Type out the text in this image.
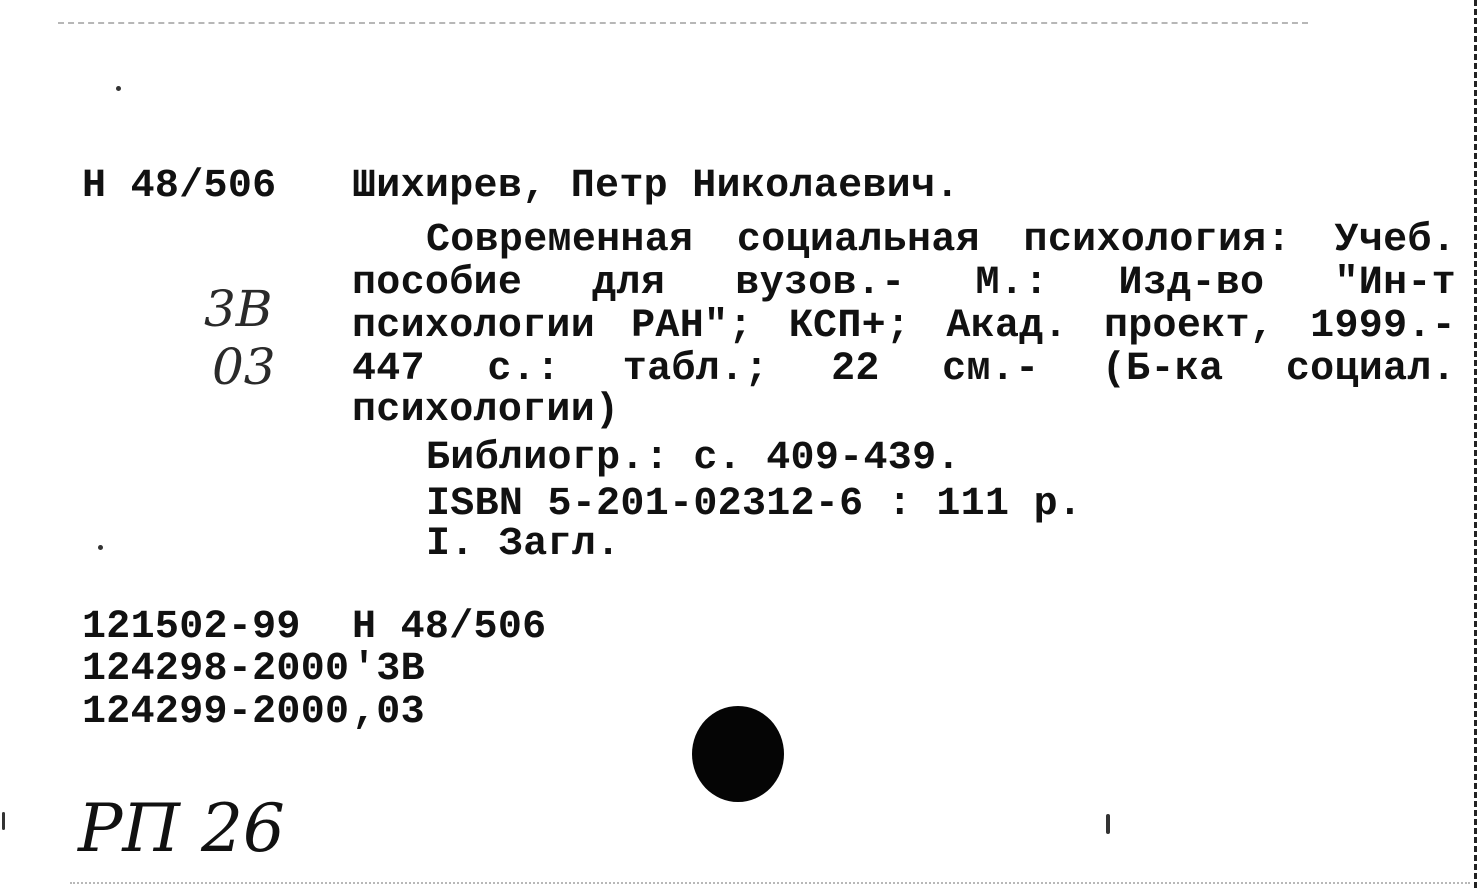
Н 48/506 Шихирев, Петр Николаевич.
Современная социальная психология: Учеб.
пособие для вузов.- М.: Изд-во "Ин-т
психологии РАН"; КСП+; Акад. проект, 1999.-
447 с.: табл.; 22 см.- (Б-ка социал.
психологии)
Библиогр.: с. 409-439.
ISBN 5-201-02312-6 : 111 р.
I. Загл.
3В
03
121502-99 Н 48/506
124298-2000 '3В
124299-2000 ,03
РП 26
